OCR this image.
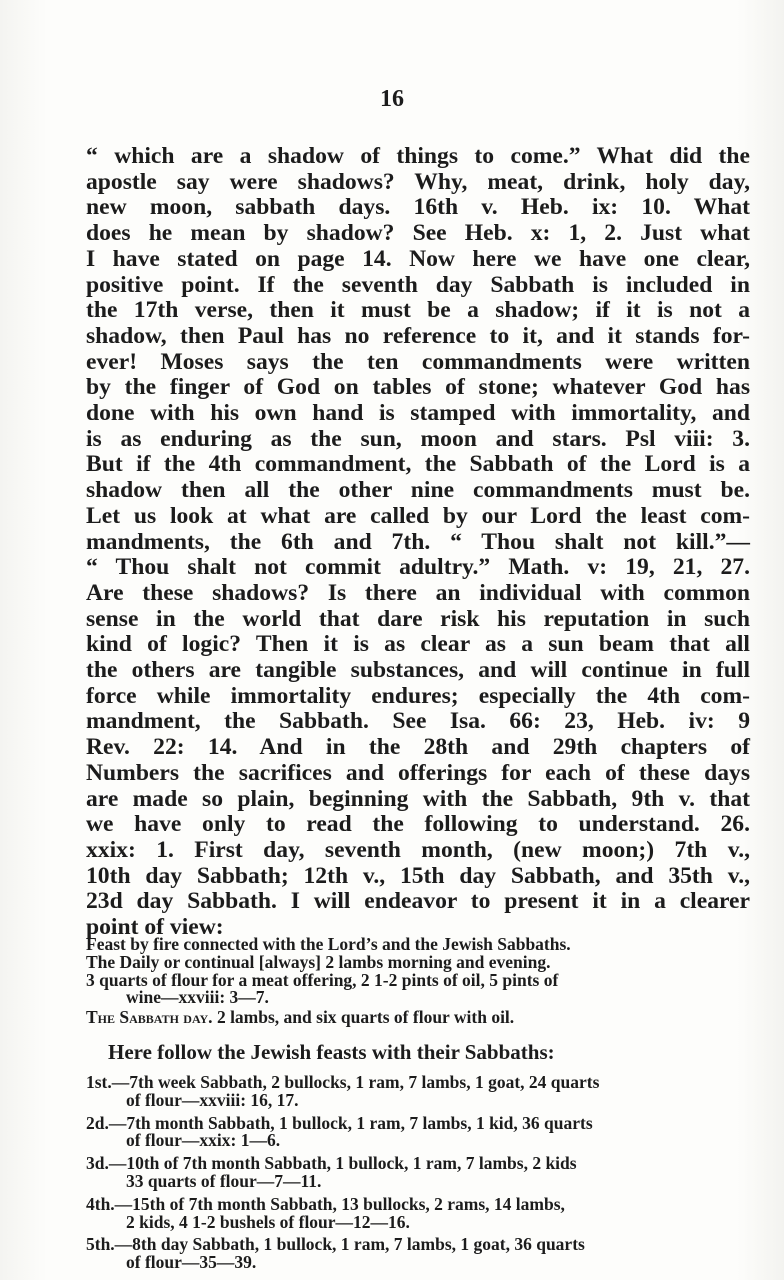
16
“ which are a shadow of things to come.” What did the
apostle say were shadows? Why, meat, drink, holy day,
new moon, sabbath days. 16th v. Heb. ix: 10. What
does he mean by shadow? See Heb. x: 1, 2. Just what
I have stated on page 14. Now here we have one clear,
positive point. If the seventh day Sabbath is included in
the 17th verse, then it must be a shadow; if it is not a
shadow, then Paul has no reference to it, and it stands for-
ever! Moses says the ten commandments were written
by the finger of God on tables of stone; whatever God has
done with his own hand is stamped with immortality, and
is as enduring as the sun, moon and stars. Psl viii: 3.
But if the 4th commandment, the Sabbath of the Lord is a
shadow then all the other nine commandments must be.
Let us look at what are called by our Lord the least com-
mandments, the 6th and 7th. “ Thou shalt not kill.”—
“ Thou shalt not commit adultry.” Math. v: 19, 21, 27.
Are these shadows? Is there an individual with common
sense in the world that dare risk his reputation in such
kind of logic? Then it is as clear as a sun beam that all
the others are tangible substances, and will continue in full
force while immortality endures; especially the 4th com-
mandment, the Sabbath. See Isa. 66: 23, Heb. iv: 9
Rev. 22: 14. And in the 28th and 29th chapters of
Numbers the sacrifices and offerings for each of these days
are made so plain, beginning with the Sabbath, 9th v. that
we have only to read the following to understand. 26.
xxix: 1. First day, seventh month, (new moon;) 7th v.,
10th day Sabbath; 12th v., 15th day Sabbath, and 35th v.,
23d day Sabbath. I will endeavor to present it in a clearer
point of view:
Feast by fire connected with the Lord’s and the Jewish Sabbaths.
The Daily or continual [always] 2 lambs morning and evening.
3 quarts of flour for a meat offering, 2 1-2 pints of oil, 5 pints of
wine—xxviii: 3—7.
The Sabbath day. 2 lambs, and six quarts of flour with oil.
Here follow the Jewish feasts with their Sabbaths:
1st.—7th week Sabbath, 2 bullocks, 1 ram, 7 lambs, 1 goat, 24 quarts
of flour—xxviii: 16, 17.
2d.—7th month Sabbath, 1 bullock, 1 ram, 7 lambs, 1 kid, 36 quarts
of flour—xxix: 1—6.
3d.—10th of 7th month Sabbath, 1 bullock, 1 ram, 7 lambs, 2 kids
33 quarts of flour—7—11.
4th.—15th of 7th month Sabbath, 13 bullocks, 2 rams, 14 lambs,
2 kids, 4 1-2 bushels of flour—12—16.
5th.—8th day Sabbath, 1 bullock, 1 ram, 7 lambs, 1 goat, 36 quarts
of flour—35—39.
